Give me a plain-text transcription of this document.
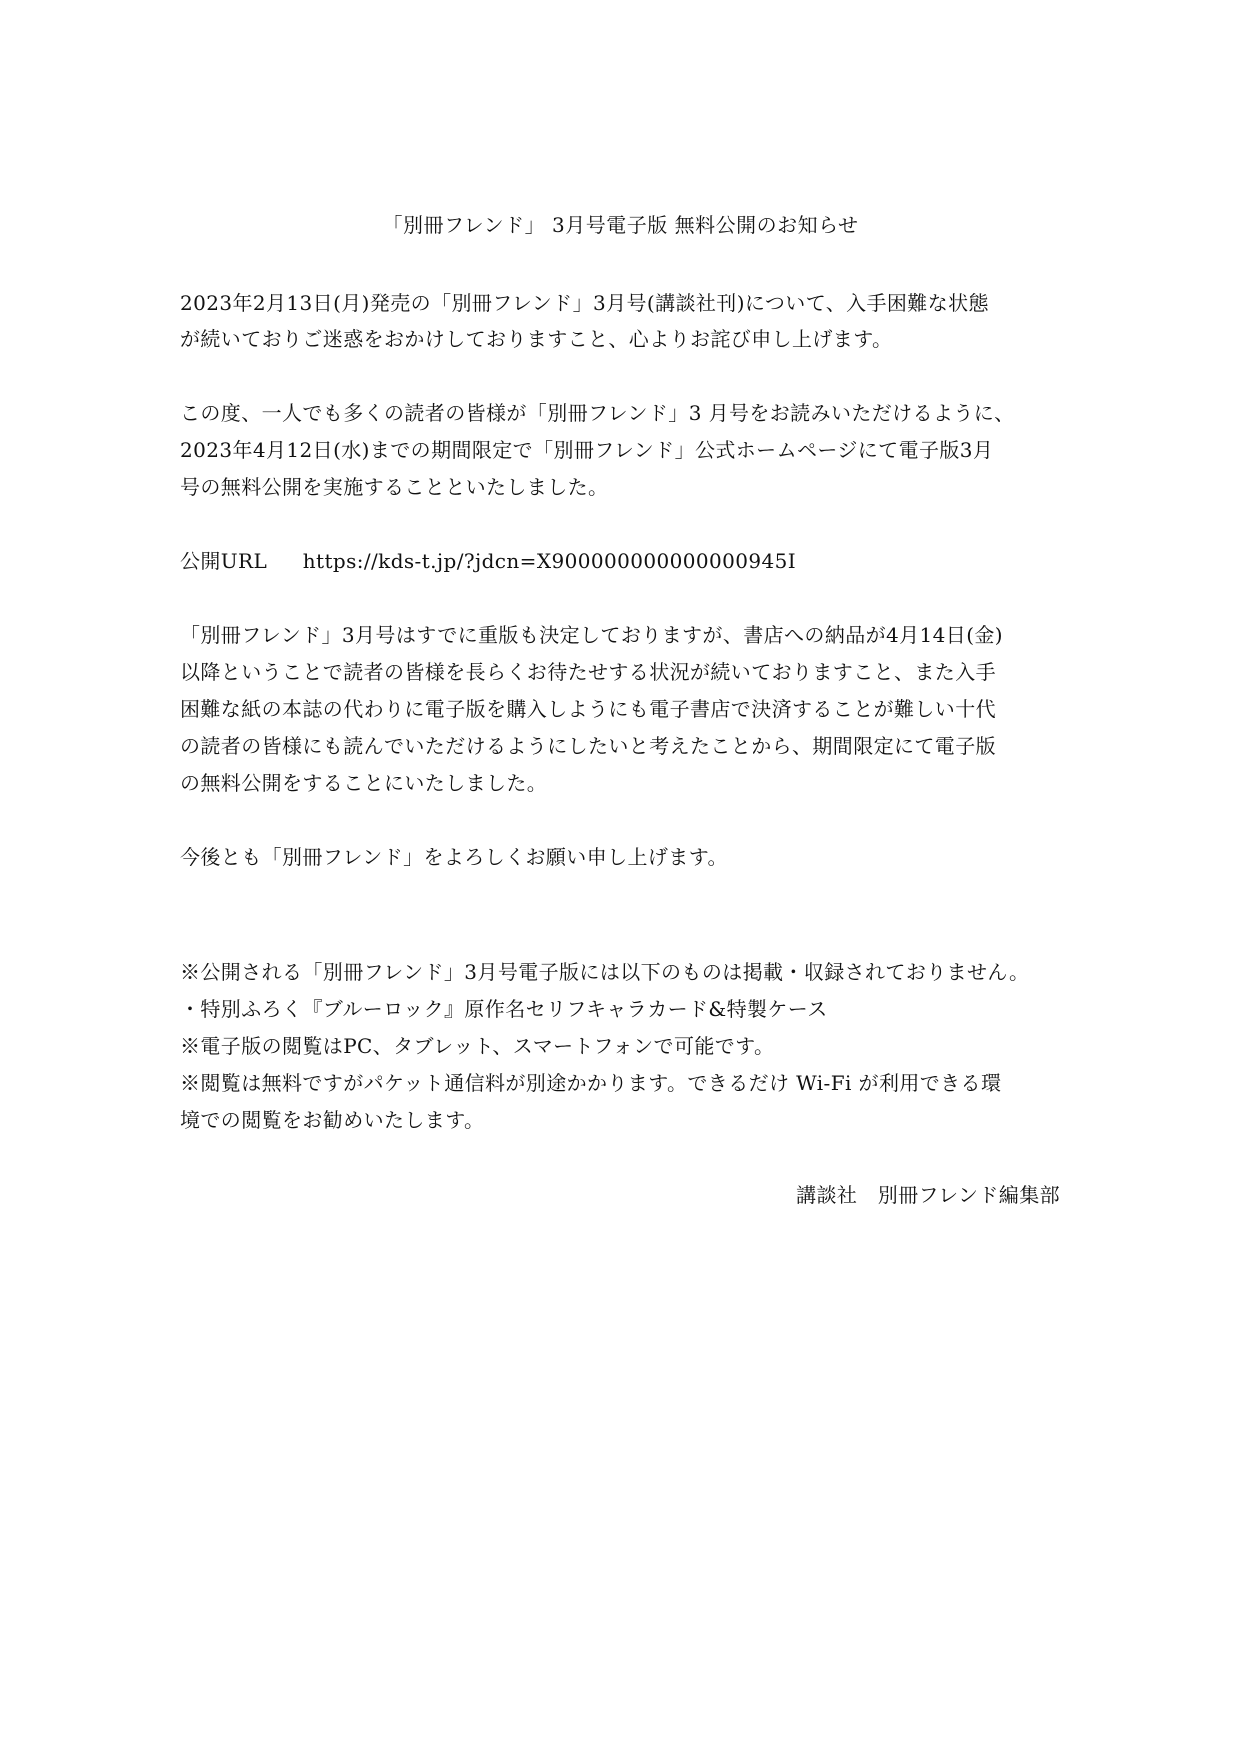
「別冊フレンド」 3月号電子版 無料公開のお知らせ
2023年2月13日(月)発売の「別冊フレンド」3月号(講談社刊)について、入手困難な状態
が続いておりご迷惑をおかけしておりますこと、心よりお詫び申し上げます。
この度、一人でも多くの読者の皆様が「別冊フレンド」3 月号をお読みいただけるように、
2023年4月12日(水)までの期間限定で「別冊フレンド」公式ホームページにて電子版3月
号の無料公開を実施することといたしました。
公開URL https://kds-t.jp/?jdcn=X900000000000000945I
「別冊フレンド」3月号はすでに重版も決定しておりますが、書店への納品が4月14日(金)
以降ということで読者の皆様を長らくお待たせする状況が続いておりますこと、また入手
困難な紙の本誌の代わりに電子版を購入しようにも電子書店で決済することが難しい十代
の読者の皆様にも読んでいただけるようにしたいと考えたことから、期間限定にて電子版
の無料公開をすることにいたしました。
今後とも「別冊フレンド」をよろしくお願い申し上げます。
※公開される「別冊フレンド」3月号電子版には以下のものは掲載・収録されておりません。
・特別ふろく『ブルーロック』原作名セリフキャラカード&特製ケース
※電子版の閲覧はPC、タブレット、スマートフォンで可能です。
※閲覧は無料ですがパケット通信料が別途かかります。できるだけ Wi-Fi が利用できる環
境での閲覧をお勧めいたします。
講談社　別冊フレンド編集部
